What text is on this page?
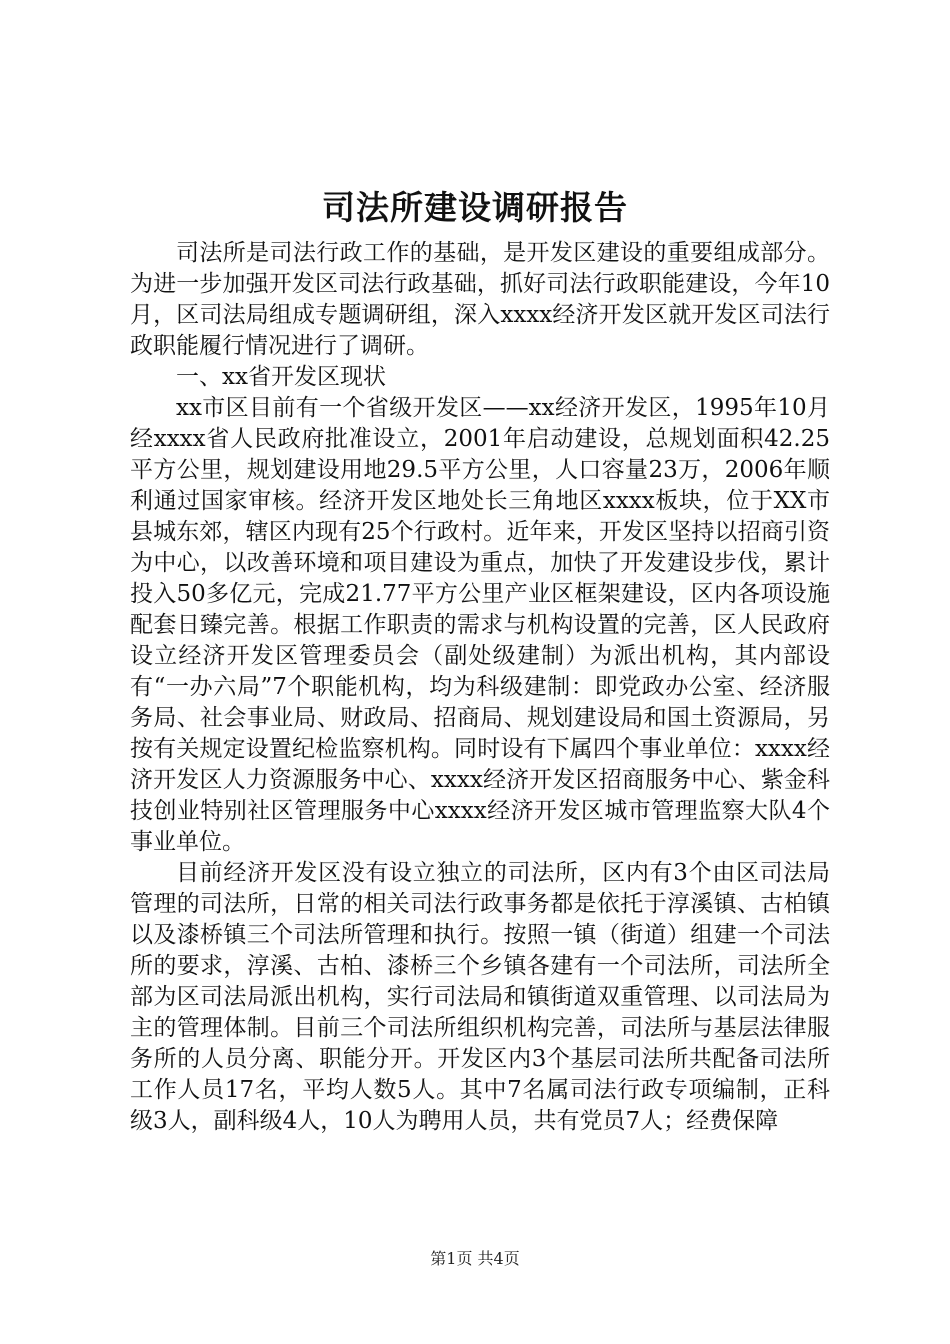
司法所建设调研报告

司法所是司法行政工作的基础，是开发区建设的重要组成部分。为进一步加强开发区司法行政基础，抓好司法行政职能建设，今年10月，区司法局组成专题调研组，深入xxxx经济开发区就开发区司法行政职能履行情况进行了调研。

一、xx省开发区现状

xx市区目前有一个省级开发区——xx经济开发区，1995年10月经xxxx省人民政府批准设立，2001年启动建设，总规划面积42.25平方公里，规划建设用地29.5平方公里，人口容量23万，2006年顺利通过国家审核。经济开发区地处长三角地区xxxx板块，位于XX市县城东郊，辖区内现有25个行政村。近年来，开发区坚持以招商引资为中心，以改善环境和项目建设为重点，加快了开发建设步伐，累计投入50多亿元，完成21.77平方公里产业区框架建设，区内各项设施配套日臻完善。根据工作职责的需求与机构设置的完善，区人民政府设立经济开发区管理委员会（副处级建制）为派出机构，其内部设有“一办六局”7个职能机构，均为科级建制：即党政办公室、经济服务局、社会事业局、财政局、招商局、规划建设局和国土资源局，另按有关规定设置纪检监察机构。同时设有下属四个事业单位：xxxx经济开发区人力资源服务中心、xxxx经济开发区招商服务中心、紫金科技创业特别社区管理服务中心xxxx经济开发区城市管理监察大队4个事业单位。

目前经济开发区没有设立独立的司法所，区内有3个由区司法局管理的司法所，日常的相关司法行政事务都是依托于淳溪镇、古柏镇以及漆桥镇三个司法所管理和执行。按照一镇（街道）组建一个司法所的要求，淳溪、古柏、漆桥三个乡镇各建有一个司法所，司法所全部为区司法局派出机构，实行司法局和镇街道双重管理、以司法局为主的管理体制。目前三个司法所组织机构完善，司法所与基层法律服务所的人员分离、职能分开。开发区内3个基层司法所共配备司法所工作人员17名，平均人数5人。其中7名属司法行政专项编制，正科级3人，副科级4人，10人为聘用人员，共有党员7人；经费保障

第1页 共4页
